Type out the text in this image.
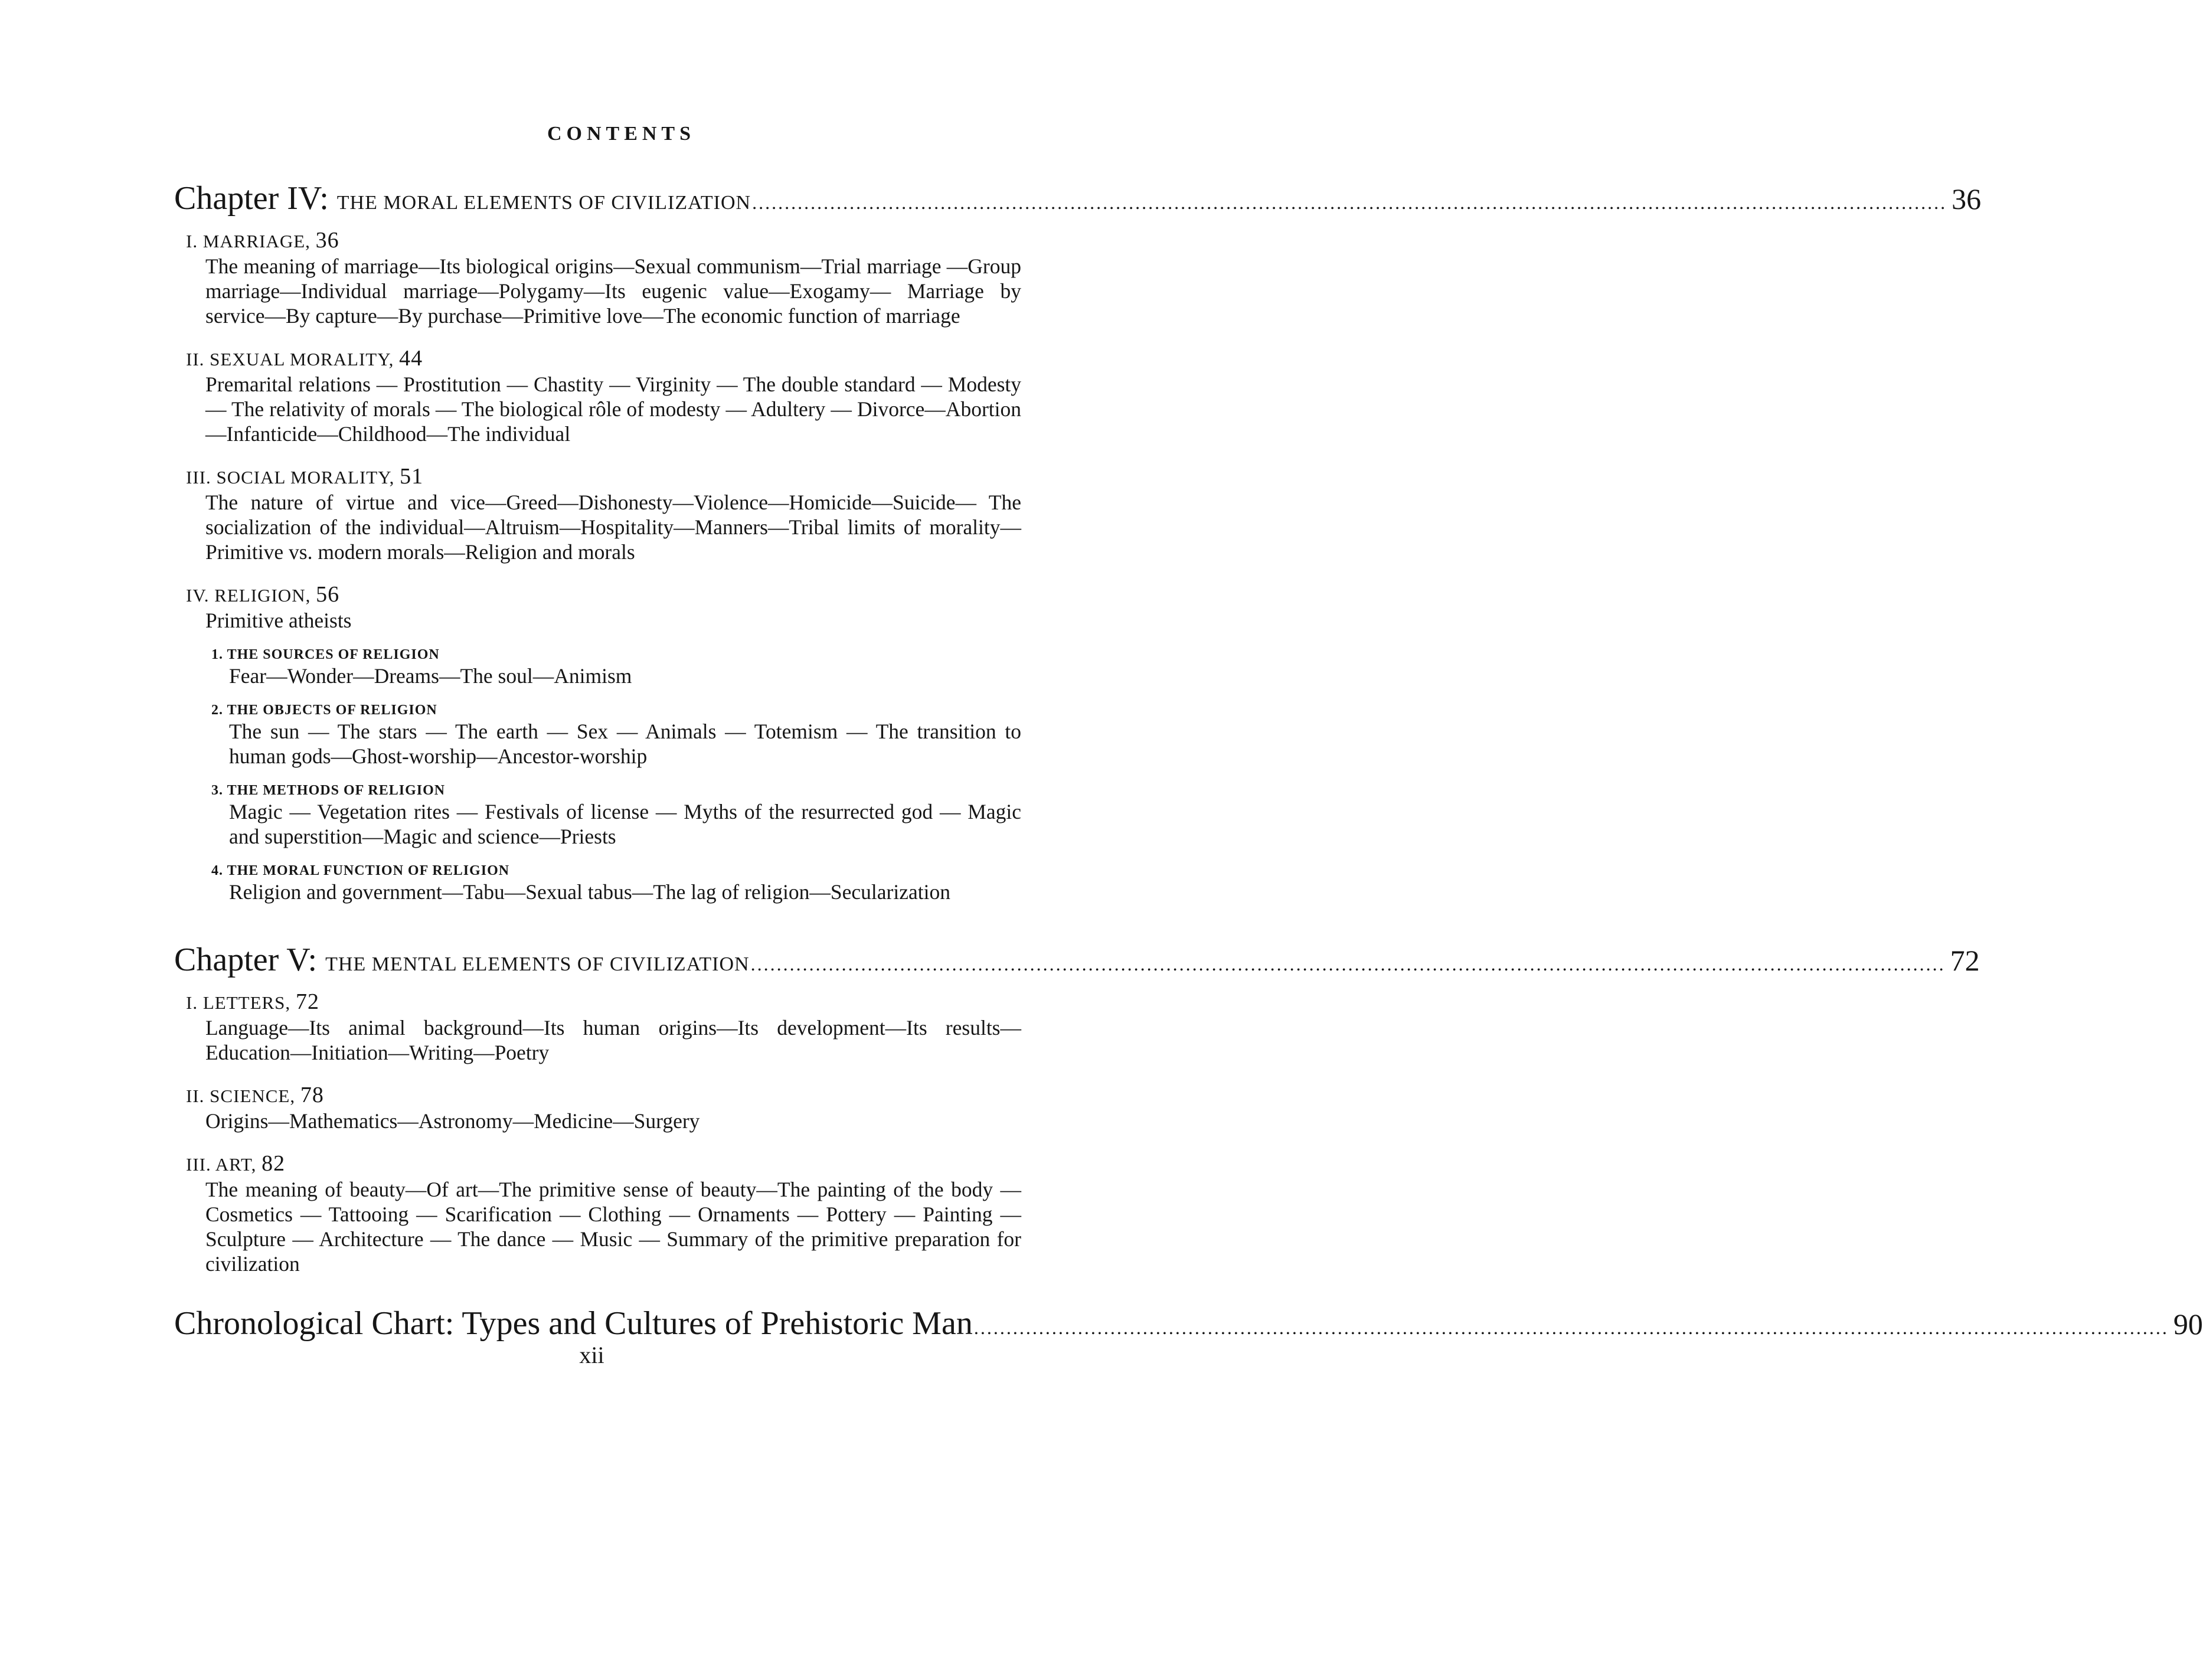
CONTENTS
Chapter IV: THE MORAL ELEMENTS OF CIVILIZATION .....	36
I. MARRIAGE, 36
The meaning of marriage—Its biological origins—Sexual communism—Trial marriage —Group marriage—Individual marriage—Polygamy—Its eugenic value—Exogamy— Marriage by service—By capture—By purchase—Primitive love—The economic function of marriage
II. SEXUAL MORALITY, 44
Premarital relations — Prostitution — Chastity — Virginity — The double standard — Modesty — The relativity of morals — The biological rôle of modesty — Adultery — Divorce—Abortion—Infanticide—Childhood—The individual
III. SOCIAL MORALITY, 51
The nature of virtue and vice—Greed—Dishonesty—Violence—Homicide—Suicide— The socialization of the individual—Altruism—Hospitality—Manners—Tribal limits of morality—Primitive vs. modern morals—Religion and morals
IV. RELIGION, 56
Primitive atheists
1. THE SOURCES OF RELIGION
Fear—Wonder—Dreams—The soul—Animism
2. THE OBJECTS OF RELIGION
The sun — The stars — The earth — Sex — Animals — Totemism — The transition to human gods—Ghost-worship—Ancestor-worship
3. THE METHODS OF RELIGION
Magic — Vegetation rites — Festivals of license — Myths of the resurrected god — Magic and superstition—Magic and science—Priests
4. THE MORAL FUNCTION OF RELIGION
Religion and government—Tabu—Sexual tabus—The lag of religion—Secularization
Chapter V: THE MENTAL ELEMENTS OF CIVILIZATION .....	72
I. LETTERS, 72
Language—Its animal background—Its human origins—Its development—Its results— Education—Initiation—Writing—Poetry
II. SCIENCE, 78
Origins—Mathematics—Astronomy—Medicine—Surgery
III. ART, 82
The meaning of beauty—Of art—The primitive sense of beauty—The painting of the body — Cosmetics — Tattooing — Scarification — Clothing — Ornaments — Pottery — Painting — Sculpture — Architecture — The dance — Music — Summary of the primitive preparation for civilization
Chronological Chart: Types and Cultures of Prehistoric Man .....	90
xii
